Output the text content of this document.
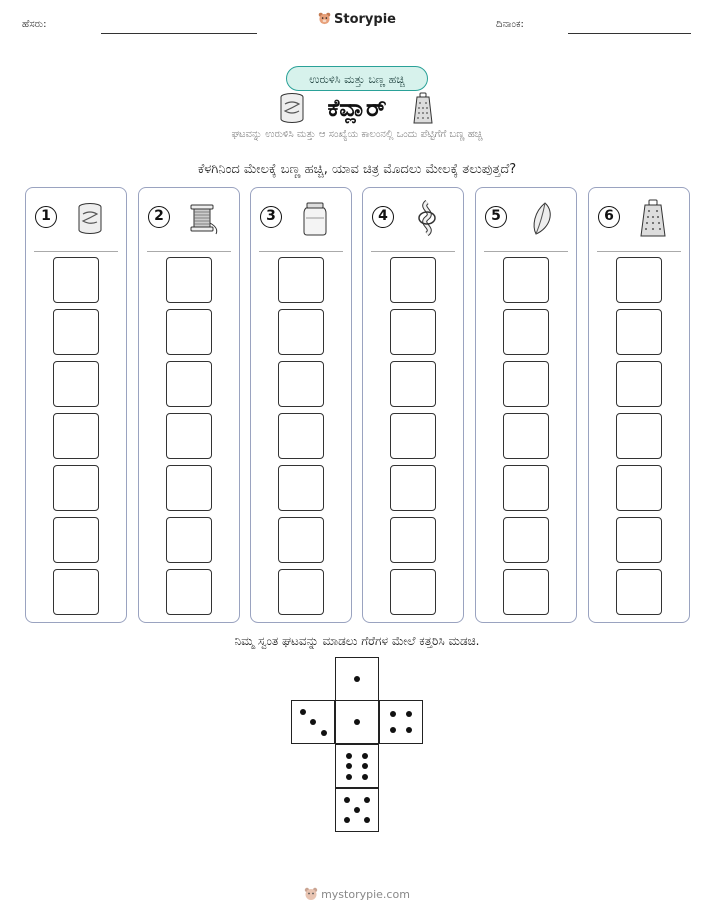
ಹೆಸರು:	Storypie	ದಿನಾಂಕ:
ಉರುಳಿಸಿ ಮತ್ತು ಬಣ್ಣ ಹಚ್ಚಿ
ಕೆವ್ಲಾರ್
ಘಟವನ್ನು ಉರುಳಿಸಿ ಮತ್ತು ಆ ಸಂಖ್ಯೆಯ ಕಾಲಂನಲ್ಲಿ ಒಂದು ಪೆಟ್ಟಿಗೆಗೆ ಬಣ್ಣ ಹಚ್ಚಿ
ಕೆಳಗಿನಿಂದ ಮೇಲಕ್ಕೆ ಬಣ್ಣ ಹಚ್ಚಿ, ಯಾವ ಚಿತ್ರ ಮೊದಲು ಮೇಲಕ್ಕೆ ತಲುಪುತ್ತದೆ?
1	2	3	4	5	6
ನಿಮ್ಮ ಸ್ವಂತ ಘಟವನ್ನು ಮಾಡಲು ಗೆರೆಗಳ ಮೇಲೆ ಕತ್ತರಿಸಿ ಮಡಚಿ.
mystorypie.com
